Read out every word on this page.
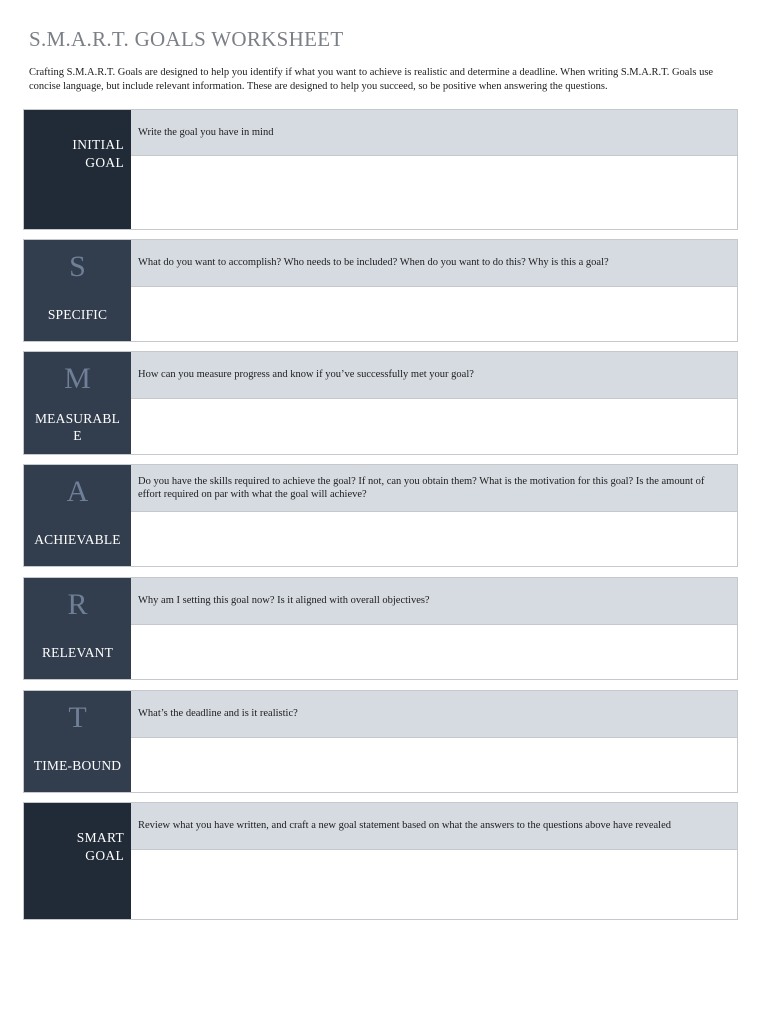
S.M.A.R.T. GOALS WORKSHEET
Crafting S.M.A.R.T. Goals are designed to help you identify if what you want to achieve is realistic and determine a deadline. When writing S.M.A.R.T. Goals use concise language, but include relevant information. These are designed to help you succeed, so be positive when answering the questions.
INITIAL
GOAL
Write the goal you have in mind
S
SPECIFIC
What do you want to accomplish? Who needs to be included? When do you want to do this? Why is this a goal?
M
MEASURABL
E
How can you measure progress and know if you’ve successfully met your goal?
A
ACHIEVABLE
Do you have the skills required to achieve the goal? If not, can you obtain them? What is the motivation for this goal? Is the amount of effort required on par with what the goal will achieve?
R
RELEVANT
Why am I setting this goal now? Is it aligned with overall objectives?
T
TIME-BOUND
What’s the deadline and is it realistic?
SMART
GOAL
Review what you have written, and craft a new goal statement based on what the answers to the questions above have revealed
